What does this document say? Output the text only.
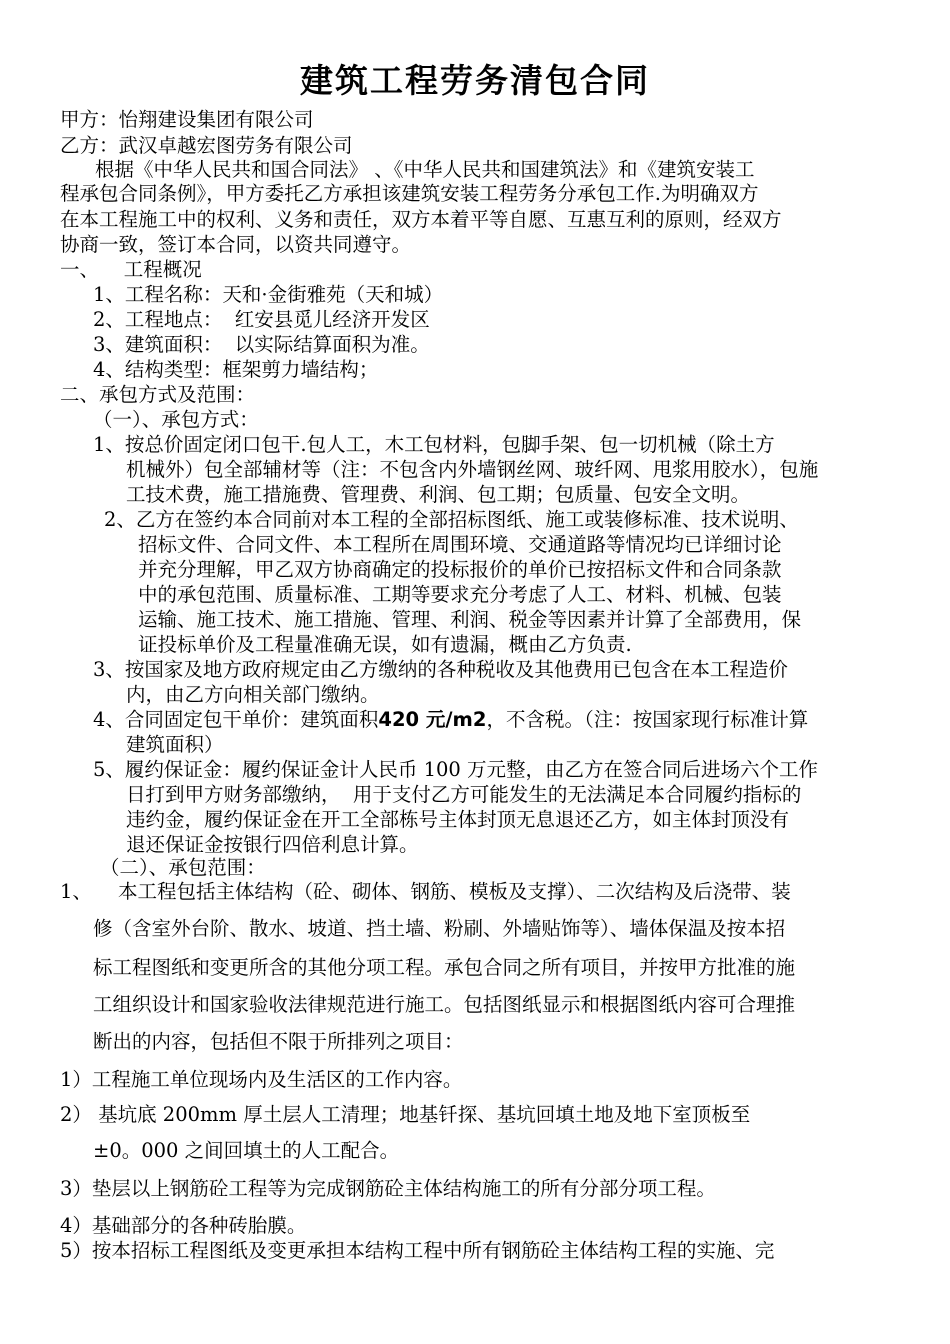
建筑工程劳务清包合同
甲方：怡翔建设集团有限公司
乙方：武汉卓越宏图劳务有限公司
根据《中华人民共和国合同法》 、《中华人民共和国建筑法》和《建筑安装工
程承包合同条例》，甲方委托乙方承担该建筑安装工程劳务分承包工作.为明确双方
在本工程施工中的权利、义务和责任，双方本着平等自愿、互惠互利的原则，经双方
协商一致，签订本合同，以资共同遵守。
一、    工程概况
1、工程名称：天和·金街雅苑（天和城）
2、工程地点：  红安县觅儿经济开发区
3、建筑面积：  以实际结算面积为准。
4、结构类型：框架剪力墙结构；
二、承包方式及范围：
（一）、承包方式：
1、按总价固定闭口包干.包人工，木工包材料，包脚手架、包一切机械（除土方
机械外）包全部辅材等（注：不包含内外墙钢丝网、玻纤网、甩浆用胶水），包施
工技术费，施工措施费、管理费、利润、包工期；包质量、包安全文明。
2、乙方在签约本合同前对本工程的全部招标图纸、施工或装修标准、技术说明、
招标文件、合同文件、本工程所在周围环境、交通道路等情况均已详细讨论
并充分理解，甲乙双方协商确定的投标报价的单价已按招标文件和合同条款
中的承包范围、质量标准、工期等要求充分考虑了人工、材料、机械、包装
运输、施工技术、施工措施、管理、利润、税金等因素并计算了全部费用，保
证投标单价及工程量准确无误，如有遗漏，概由乙方负责.
3、按国家及地方政府规定由乙方缴纳的各种税收及其他费用已包含在本工程造价
内，由乙方向相关部门缴纳。
4、合同固定包干单价：建筑面积420 元/m2，不含税。（注：按国家现行标准计算
建筑面积）
5、履约保证金：履约保证金计人民币 100 万元整，由乙方在签合同后进场六个工作
日打到甲方财务部缴纳，  用于支付乙方可能发生的无法满足本合同履约指标的
违约金，履约保证金在开工全部栋号主体封顶无息退还乙方，如主体封顶没有
退还保证金按银行四倍利息计算。
（二）、承包范围：
1、 本工程包括主体结构（砼、砌体、钢筋、模板及支撑）、二次结构及后浇带、装
修（含室外台阶、散水、坡道、挡土墙、粉刷、外墙贴饰等）、墙体保温及按本招
标工程图纸和变更所含的其他分项工程。承包合同之所有项目，并按甲方批准的施
工组织设计和国家验收法律规范进行施工。包括图纸显示和根据图纸内容可合理推
断出的内容，包括但不限于所排列之项目：
1）工程施工单位现场内及生活区的工作内容。
2） 基坑底 200mm 厚土层人工清理；地基钎探、基坑回填土地及地下室顶板至
±0。000 之间回填土的人工配合。
3）垫层以上钢筋砼工程等为完成钢筋砼主体结构施工的所有分部分项工程。
4）基础部分的各种砖胎膜。
5）按本招标工程图纸及变更承担本结构工程中所有钢筋砼主体结构工程的实施、完
